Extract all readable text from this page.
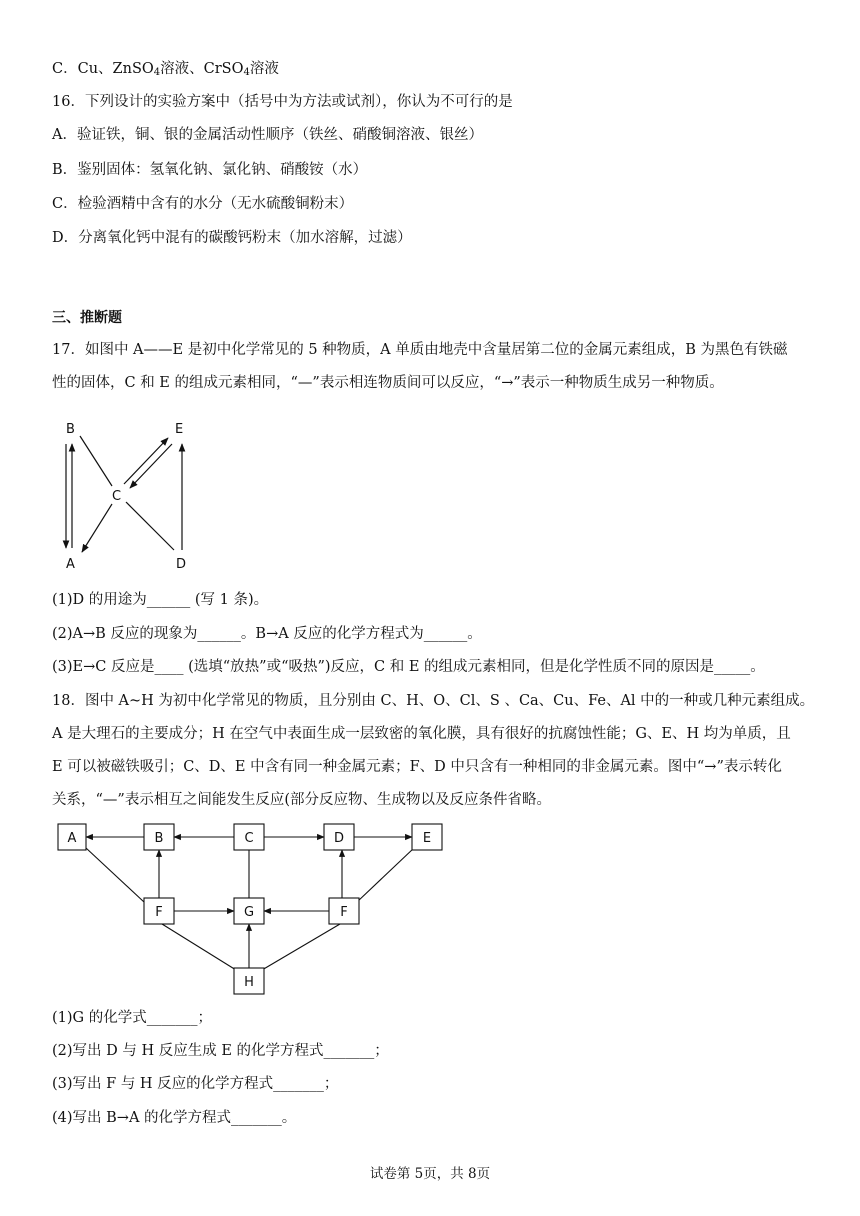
C．Cu、ZnSO$_4$溶液、CrSO$_4$溶液
16．下列设计的实验方案中（括号中为方法或试剂），你认为不可行的是
A．验证铁，铜、银的金属活动性顺序（铁丝、硝酸铜溶液、银丝）
B．鉴别固体：氢氧化钠、氯化钠、硝酸铵（水）
C．检验酒精中含有的水分（无水硫酸铜粉末）
D．分离氧化钙中混有的碳酸钙粉末（加水溶解，过滤）
三、推断题
17．如图中 A——E 是初中化学常见的 5 种物质，A 单质由地壳中含量居第二位的金属元素组成，B 为黑色有铁磁
性的固体，C 和 E 的组成元素相同，“—”表示相连物质间可以反应，“→”表示一种物质生成另一种物质。
B	E
C
A	D
(1)D 的用途为______ (写 1 条)。
(2)A→B 反应的现象为______。B→A 反应的化学方程式为______。
(3)E→C 反应是____ (选填“放热”或“吸热”)反应，C 和 E 的组成元素相同，但是化学性质不同的原因是_____。
18．图中 A~H 为初中化学常见的物质，且分别由 C、H、O、Cl、S 、Ca、Cu、Fe、Al 中的一种或几种元素组成。
A 是大理石的主要成分；H 在空气中表面生成一层致密的氧化膜，具有很好的抗腐蚀性能；G、E、H 均为单质，且
E 可以被磁铁吸引；C、D、E 中含有同一种金属元素；F、D 中只含有一种相同的非金属元素。图中“→”表示转化
关系，“—”表示相互之间能发生反应(部分反应物、生成物以及反应条件省略。
A	B	C	D	E
F	G	F
H
(1)G 的化学式_______；
(2)写出 D 与 H 反应生成 E 的化学方程式_______；
(3)写出 F 与 H 反应的化学方程式_______；
(4)写出 B→A 的化学方程式_______。
试卷第 5页，共 8页
